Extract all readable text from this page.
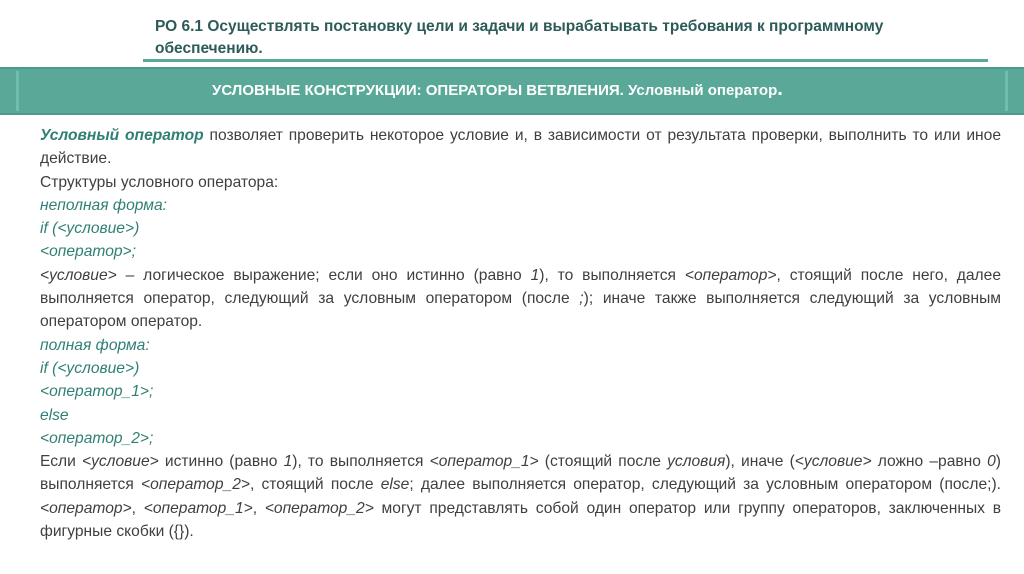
РО 6.1 Осуществлять постановку цели и задачи и вырабатывать требования к программному обеспечению.
УСЛОВНЫЕ КОНСТРУКЦИИ: ОПЕРАТОРЫ ВЕТВЛЕНИЯ. Условный оператор.

Условный оператор позволяет проверить некоторое условие и, в зависимости от результата проверки, выполнить то или иное действие.

Структуры условного оператора:

неполная форма:

if (<условие>)

<оператор>;

<условие> – логическое выражение; если оно истинно (равно 1), то выполняется <оператор>, стоящий после него, далее выполняется оператор, следующий за условным оператором (после ;); иначе также выполняется следующий за условным оператором оператор.

полная форма:

if (<условие>)

<оператор_1>;

else

<оператор_2>;

Если <условие> истинно (равно 1), то выполняется <оператор_1> (стоящий после условия), иначе (<условие> ложно –равно 0) выполняется <оператор_2>, стоящий после else; далее выполняется оператор, следующий за условным оператором (после;). <оператор>, <оператор_1>, <оператор_2> могут представлять собой один оператор или группу операторов, заключенных в фигурные скобки ({}).
